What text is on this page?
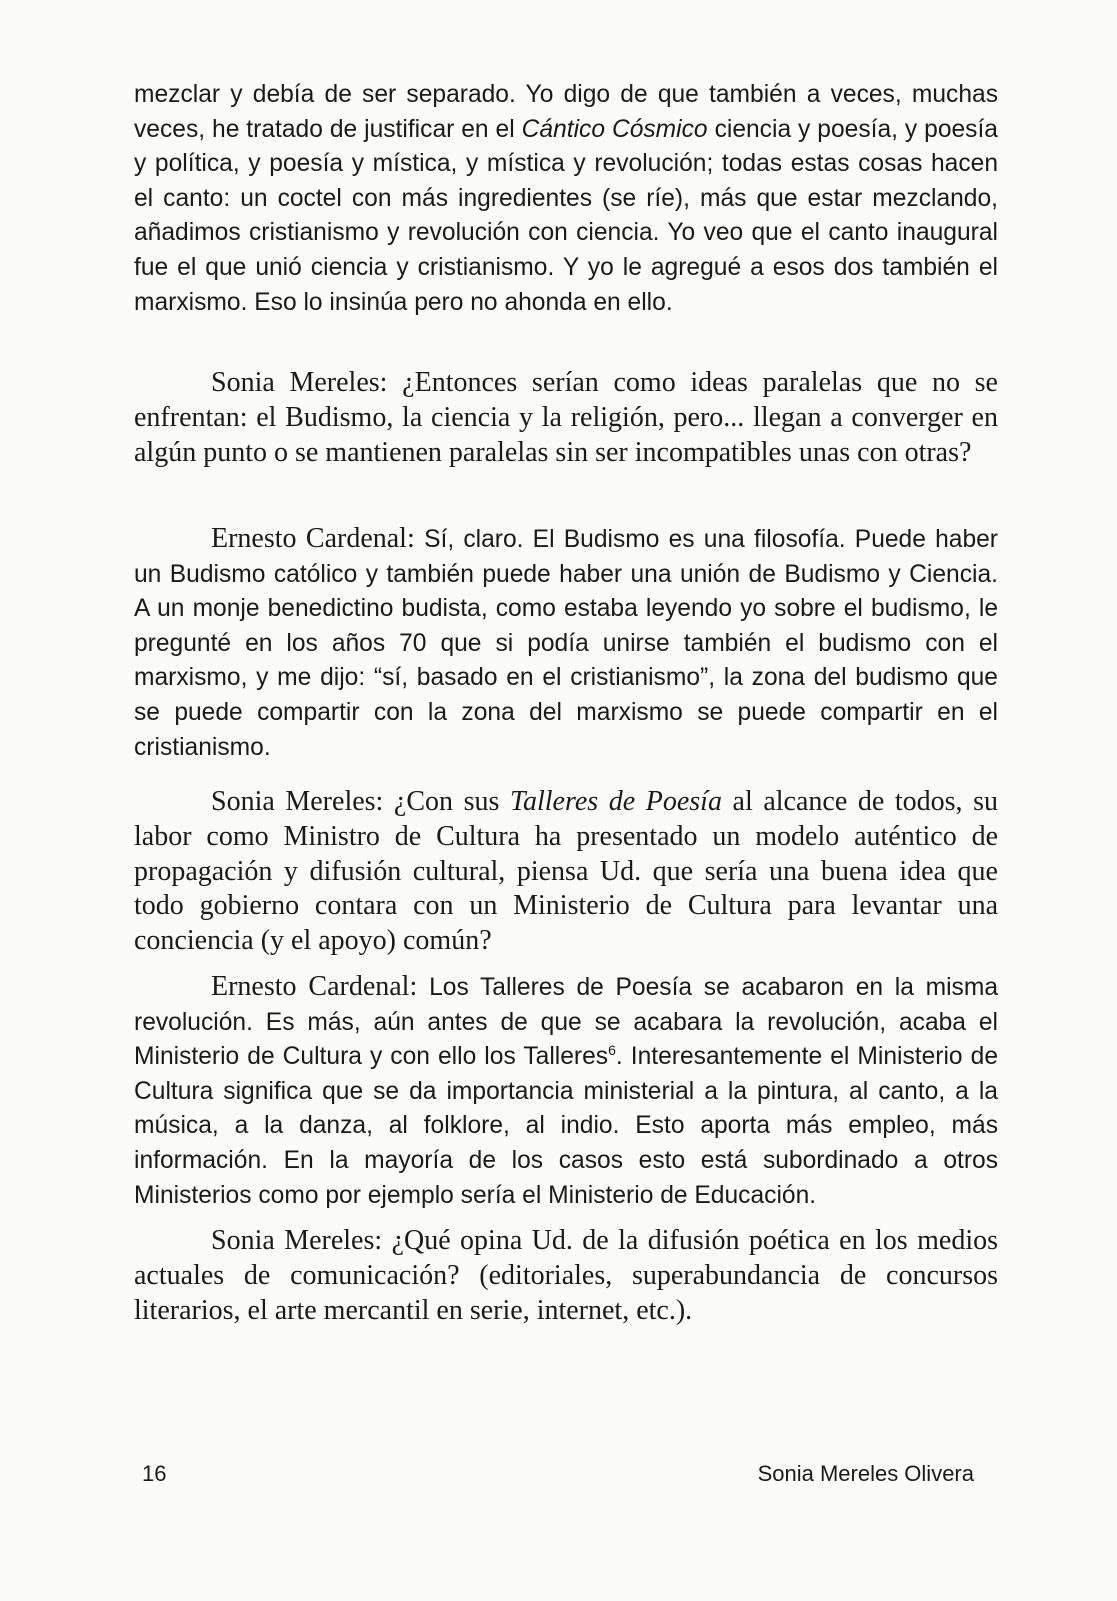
mezclar y debía de ser separado. Yo digo de que también a veces, muchas veces, he tratado de justificar en el Cántico Cósmico ciencia y poesía, y poesía y política, y poesía y mística, y mística y revolución; todas estas cosas hacen el canto: un coctel con más ingredientes (se ríe), más que estar mezclando, añadimos cristianismo y revolución con ciencia. Yo veo que el canto inaugural fue el que unió ciencia y cristianismo. Y yo le agregué a esos dos también el marxismo. Eso lo insinúa pero no ahonda en ello.

Sonia Mereles: ¿Entonces serían como ideas paralelas que no se enfrentan: el Budismo, la ciencia y la religión, pero... llegan a converger en algún punto o se mantienen paralelas sin ser incompatibles unas con otras?

Ernesto Cardenal: Sí, claro. El Budismo es una filosofía. Puede haber un Budismo católico y también puede haber una unión de Budismo y Ciencia. A un monje benedictino budista, como estaba leyendo yo sobre el budismo, le pregunté en los años 70 que si podía unirse también el budismo con el marxismo, y me dijo: “sí, basado en el cristianismo”, la zona del budismo que se puede compartir con la zona del marxismo se puede compartir en el cristianismo.

Sonia Mereles: ¿Con sus Talleres de Poesía al alcance de todos, su labor como Ministro de Cultura ha presentado un modelo auténtico de propagación y difusión cultural, piensa Ud. que sería una buena idea que todo gobierno contara con un Ministerio de Cultura para levantar una conciencia (y el apoyo) común?

Ernesto Cardenal: Los Talleres de Poesía se acabaron en la misma revolución. Es más, aún antes de que se acabara la revolución, acaba el Ministerio de Cultura y con ello los Talleres$^6$. Interesantemente el Ministerio de Cultura significa que se da importancia ministerial a la pintura, al canto, a la música, a la danza, al folklore, al indio. Esto aporta más empleo, más información. En la mayoría de los casos esto está subordinado a otros Ministerios como por ejemplo sería el Ministerio de Educación.

Sonia Mereles: ¿Qué opina Ud. de la difusión poética en los medios actuales de comunicación? (editoriales, superabundancia de concursos literarios, el arte mercantil en serie, internet, etc.).

16	Sonia Mereles Olivera
